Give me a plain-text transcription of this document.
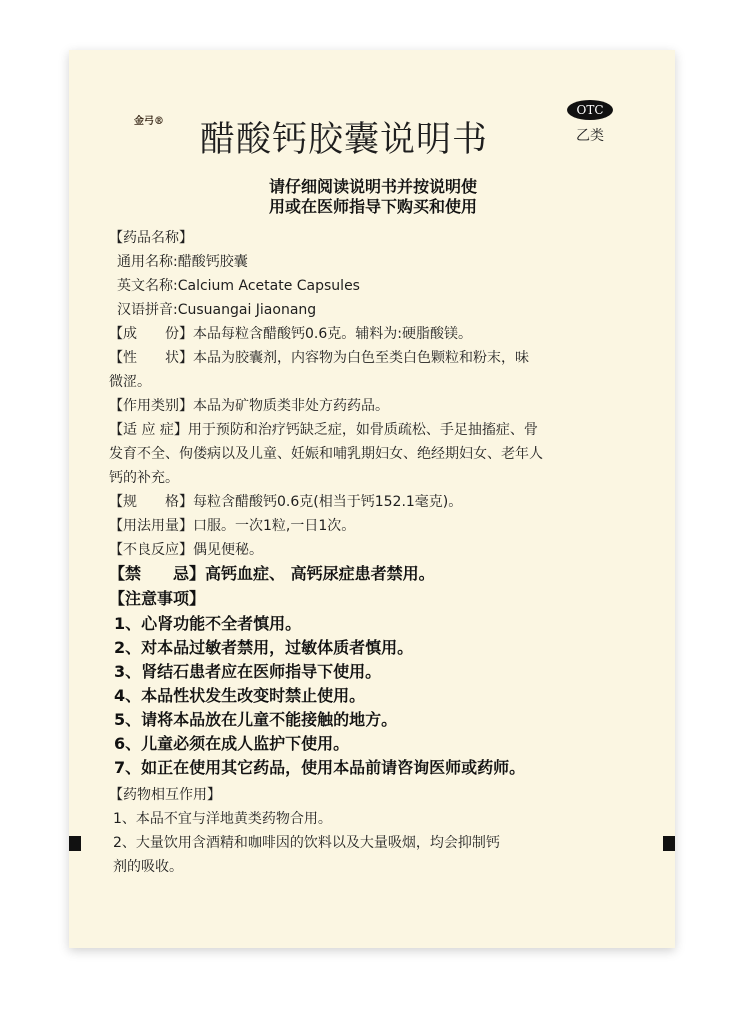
金弓® 醋酸钙胶囊说明书
OTC
乙类
请仔细阅读说明书并按说明使
用或在医师指导下购买和使用
【药品名称】
通用名称:醋酸钙胶囊
英文名称:Calcium Acetate Capsules
汉语拼音:Cusuangai Jiaonang
【成　　份】本品每粒含醋酸钙0.6克。辅料为:硬脂酸镁。
【性　　状】本品为胶囊剂，内容物为白色至类白色颗粒和粉末，味
微涩。
【作用类别】本品为矿物质类非处方药药品。
【适 应 症】用于预防和治疗钙缺乏症，如骨质疏松、手足抽搐症、骨
发育不全、佝偻病以及儿童、妊娠和哺乳期妇女、绝经期妇女、老年人
钙的补充。
【规　　格】每粒含醋酸钙0.6克(相当于钙152.1毫克)。
【用法用量】口服。一次1粒,一日1次。
【不良反应】偶见便秘。
【禁　　忌】高钙血症、 高钙尿症患者禁用。
【注意事项】
1、心肾功能不全者慎用。
2、对本品过敏者禁用，过敏体质者慎用。
3、肾结石患者应在医师指导下使用。
4、本品性状发生改变时禁止使用。
5、请将本品放在儿童不能接触的地方。
6、儿童必须在成人监护下使用。
7、如正在使用其它药品，使用本品前请咨询医师或药师。
【药物相互作用】
1、本品不宜与洋地黄类药物合用。
2、大量饮用含酒精和咖啡因的饮料以及大量吸烟，均会抑制钙
剂的吸收。
